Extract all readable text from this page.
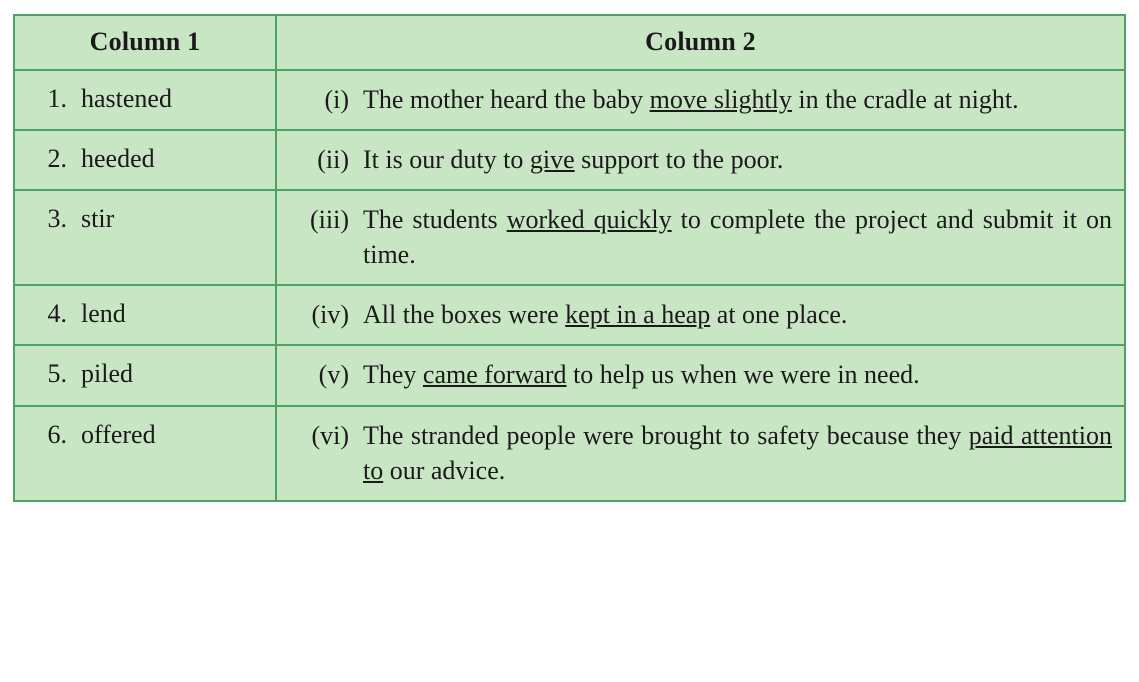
Column 1	Column 2
1. hastened	(i) The mother heard the baby move slightly in the cradle at night.

2. heeded	(ii) It is our duty to give support to the poor.

3. stir	(iii) The students worked quickly to complete the project and submit it on time.

4. lend	(iv) All the boxes were kept in a heap at one place.

5. piled	(v) They came forward to help us when we were in need.

6. offered	(vi) The stranded people were brought to safety because they paid attention to our advice.
